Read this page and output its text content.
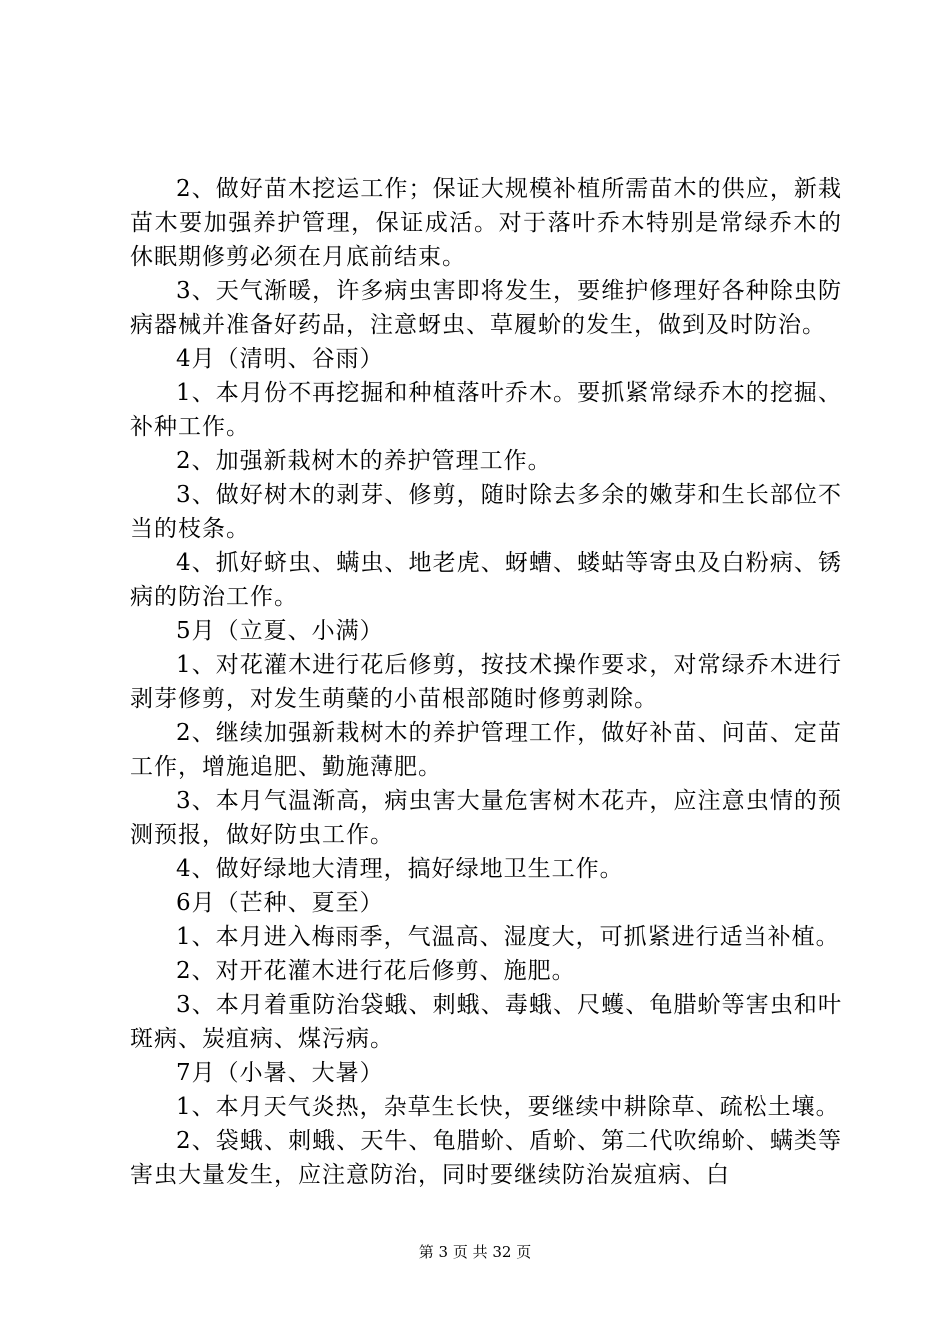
2、做好苗木挖运工作；保证大规模补植所需苗木的供应，新栽苗木要加强养护管理，保证成活。对于落叶乔木特别是常绿乔木的休眠期修剪必须在月底前结束。

3、天气渐暖，许多病虫害即将发生，要维护修理好各种除虫防病器械并准备好药品，注意蚜虫、草履蚧的发生，做到及时防治。

4月（清明、谷雨）

1、本月份不再挖掘和种植落叶乔木。要抓紧常绿乔木的挖掘、补种工作。

2、加强新栽树木的养护管理工作。

3、做好树木的剥芽、修剪，随时除去多余的嫩芽和生长部位不当的枝条。

4、抓好蛴虫、螨虫、地老虎、蚜螬、蝼蛄等寄虫及白粉病、锈病的防治工作。

5月（立夏、小满）

1、对花灌木进行花后修剪，按技术操作要求，对常绿乔木进行剥芽修剪，对发生萌蘖的小苗根部随时修剪剥除。

2、继续加强新栽树木的养护管理工作，做好补苗、问苗、定苗工作，增施追肥、勤施薄肥。

3、本月气温渐高，病虫害大量危害树木花卉，应注意虫情的预测预报，做好防虫工作。

4、做好绿地大清理，搞好绿地卫生工作。

6月（芒种、夏至）

1、本月进入梅雨季，气温高、湿度大，可抓紧进行适当补植。

2、对开花灌木进行花后修剪、施肥。

3、本月着重防治袋蛾、刺蛾、毒蛾、尺蠖、龟腊蚧等害虫和叶斑病、炭疽病、煤污病。

7月（小暑、大暑）

1、本月天气炎热，杂草生长快，要继续中耕除草、疏松土壤。

2、袋蛾、刺蛾、天牛、龟腊蚧、盾蚧、第二代吹绵蚧、螨类等害虫大量发生，应注意防治，同时要继续防治炭疽病、白

第 3 页 共 32 页
